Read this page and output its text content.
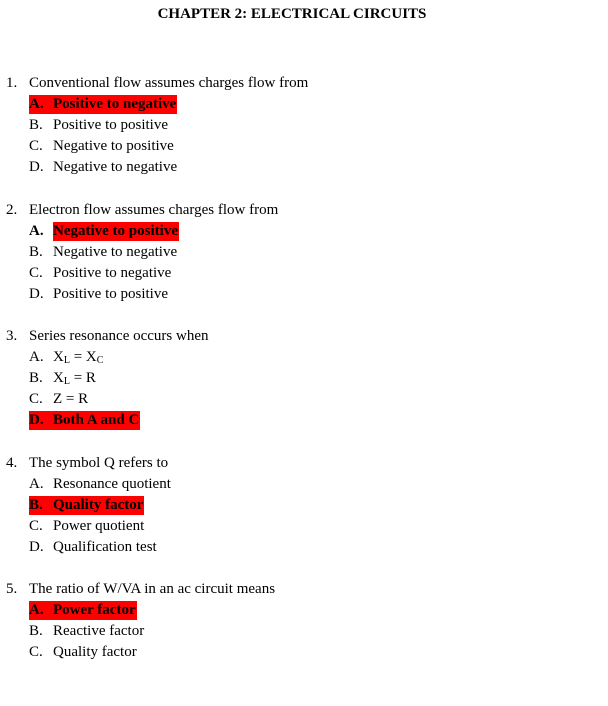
CHAPTER 2: ELECTRICAL CIRCUITS
1. Conventional flow assumes charges flow from
A. Positive to negative
B. Positive to positive
C. Negative to positive
D. Negative to negative
2. Electron flow assumes charges flow from
A. Negative to positive
B. Negative to negative
C. Positive to negative
D. Positive to positive
3. Series resonance occurs when
A. $X_L = X_C$
B. $X_L = R$
C. Z = R
D. Both A and C
4. The symbol Q refers to
A. Resonance quotient
B. Quality factor
C. Power quotient
D. Qualification test
5. The ratio of W/VA in an ac circuit means
A. Power factor
B. Reactive factor
C. Quality factor
